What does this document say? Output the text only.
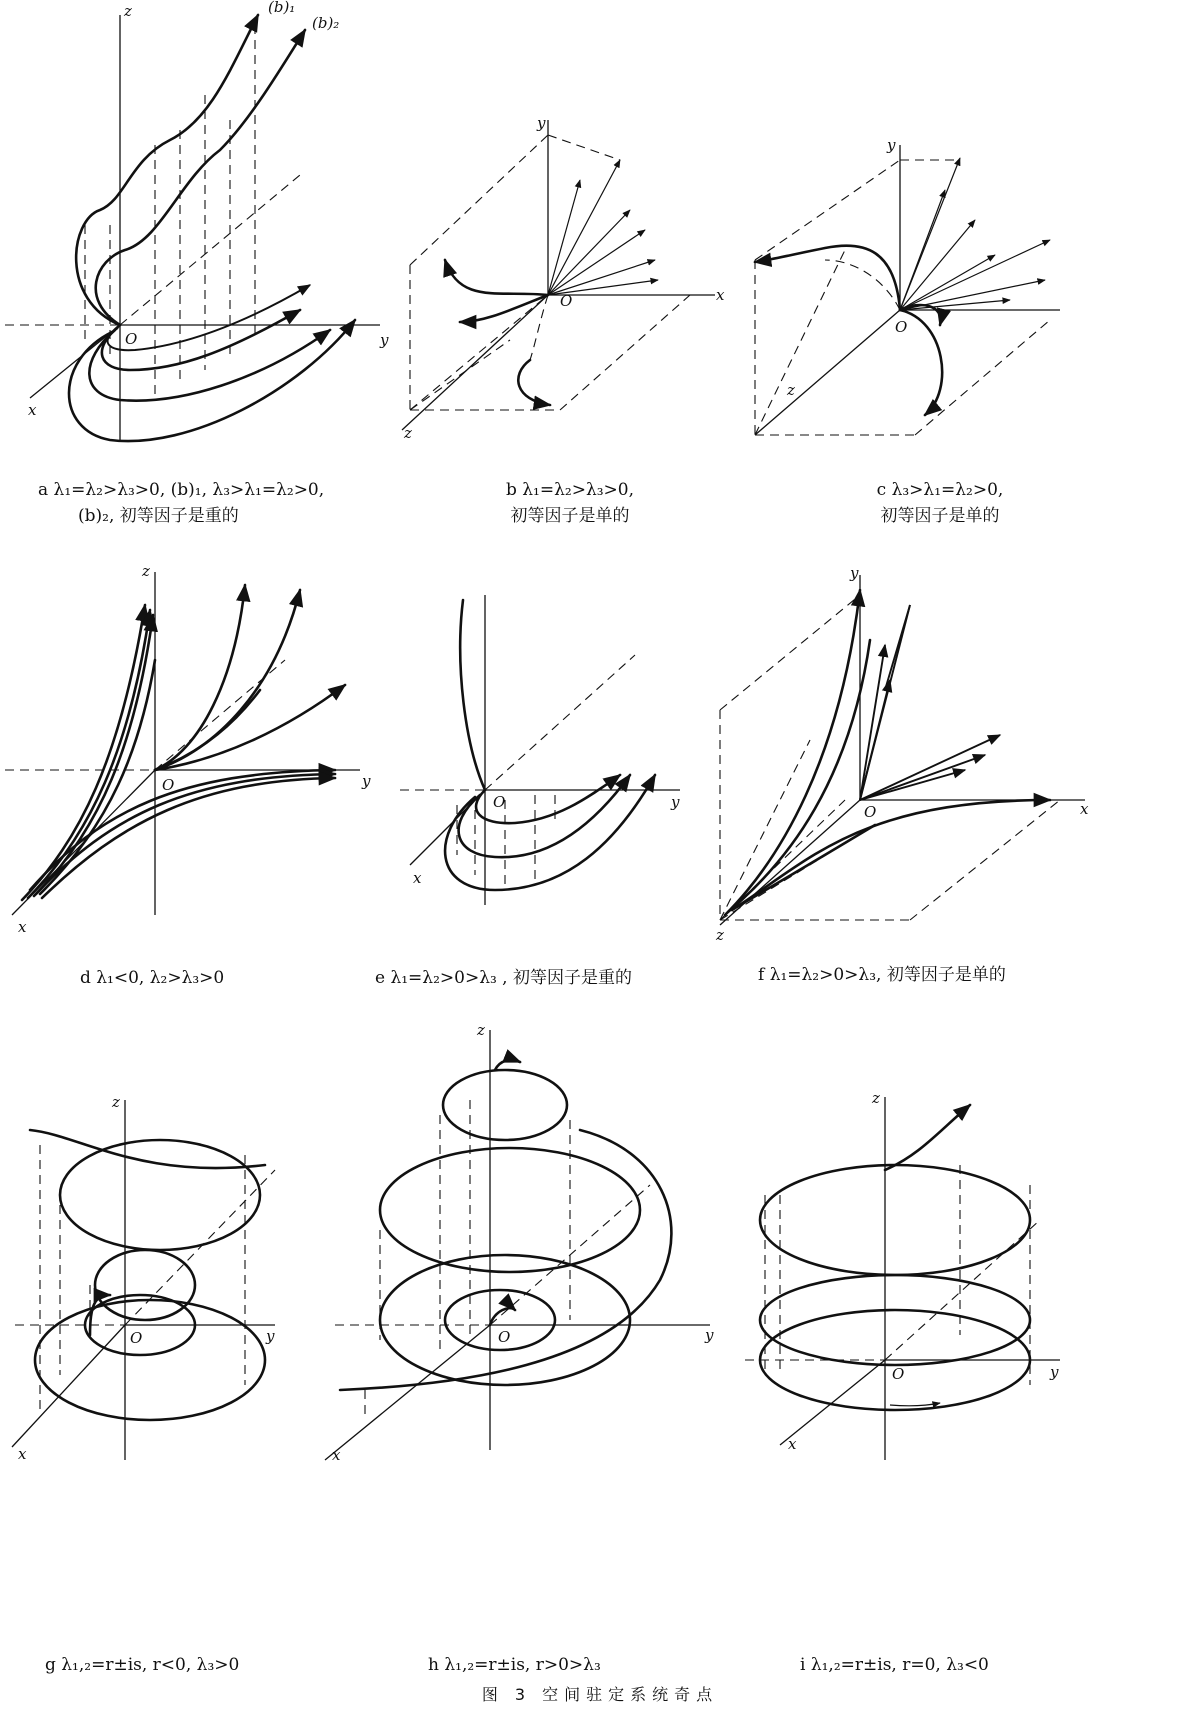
z
y
x
O
(b)₁
(b)₂
y
x
z
O
y
z
O
z
y
x
O
y
x
O
y
x
z
O
z
y
x
O
z
y
x
O
z
y
x
O
a λ₁=λ₂>λ₃>0, (b)₁, λ₃>λ₁=λ₂>0,
(b)₂, 初等因子是重的
b λ₁=λ₂>λ₃>0,
初等因子是单的
c λ₃>λ₁=λ₂>0,
初等因子是单的
d λ₁<0, λ₂>λ₃>0	e λ₁=λ₂>0>λ₃ , 初等因子是重的	f λ₁=λ₂>0>λ₃, 初等因子是单的
g λ₁,₂=r±is, r<0, λ₃>0	h λ₁,₂=r±is, r>0>λ₃	i λ₁,₂=r±is, r=0, λ₃<0
图 3 空间驻定系统奇点
